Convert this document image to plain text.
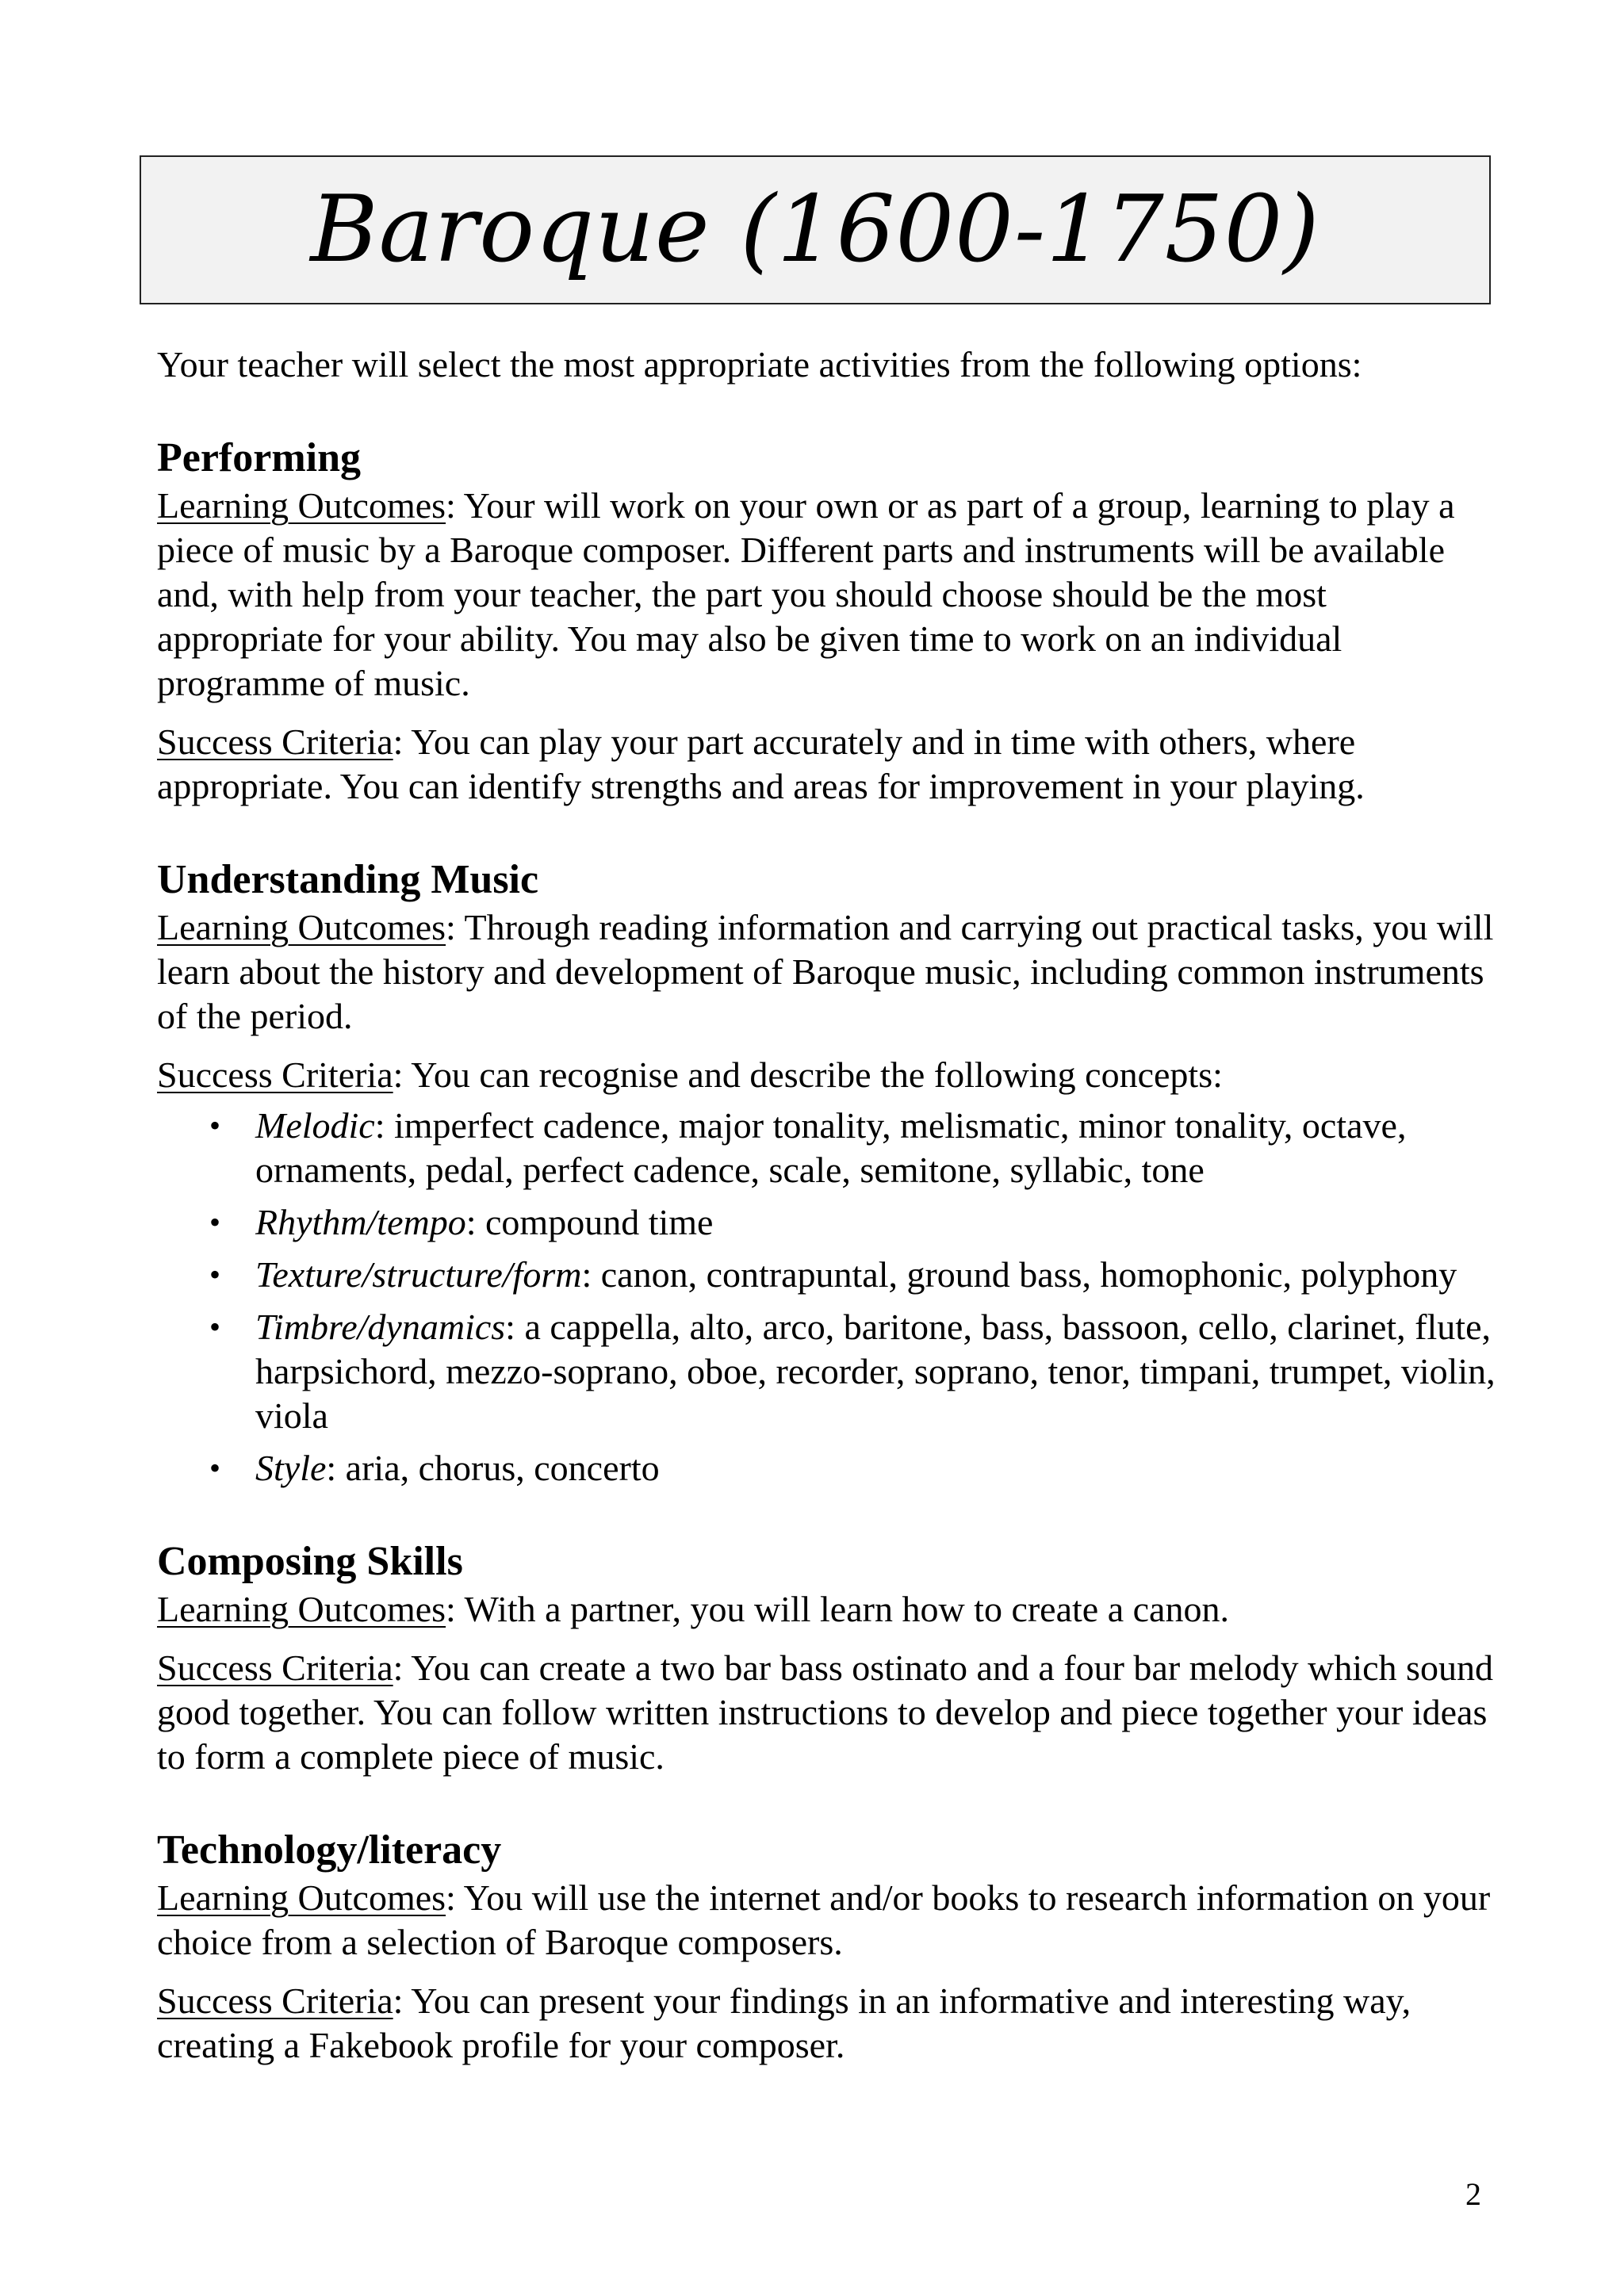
Baroque (1600-1750)

Your teacher will select the most appropriate activities from the following options:

Performing

Learning Outcomes: Your will work on your own or as part of a group, learning to play a piece of music by a Baroque composer. Different parts and instruments will be available and, with help from your teacher, the part you should choose should be the most appropriate for your ability. You may also be given time to work on an individual programme of music.

Success Criteria: You can play your part accurately and in time with others, where appropriate. You can identify strengths and areas for improvement in your playing.

Understanding Music

Learning Outcomes: Through reading information and carrying out practical tasks, you will learn about the history and development of Baroque music, including common instruments of the period.

Success Criteria: You can recognise and describe the following concepts:

• Melodic: imperfect cadence, major tonality, melismatic, minor tonality, octave, ornaments, pedal, perfect cadence, scale, semitone, syllabic, tone
• Rhythm/tempo: compound time
• Texture/structure/form: canon, contrapuntal, ground bass, homophonic, polyphony
• Timbre/dynamics: a cappella, alto, arco, baritone, bass, bassoon, cello, clarinet, flute, harpsichord, mezzo-soprano, oboe, recorder, soprano, tenor, timpani, trumpet, violin, viola
• Style: aria, chorus, concerto
Composing Skills

Learning Outcomes: With a partner, you will learn how to create a canon.

Success Criteria: You can create a two bar bass ostinato and a four bar melody which sound good together. You can follow written instructions to develop and piece together your ideas to form a complete piece of music.

Technology/literacy

Learning Outcomes: You will use the internet and/or books to research information on your choice from a selection of Baroque composers.

Success Criteria: You can present your findings in an informative and interesting way, creating a Fakebook profile for your composer.

2
